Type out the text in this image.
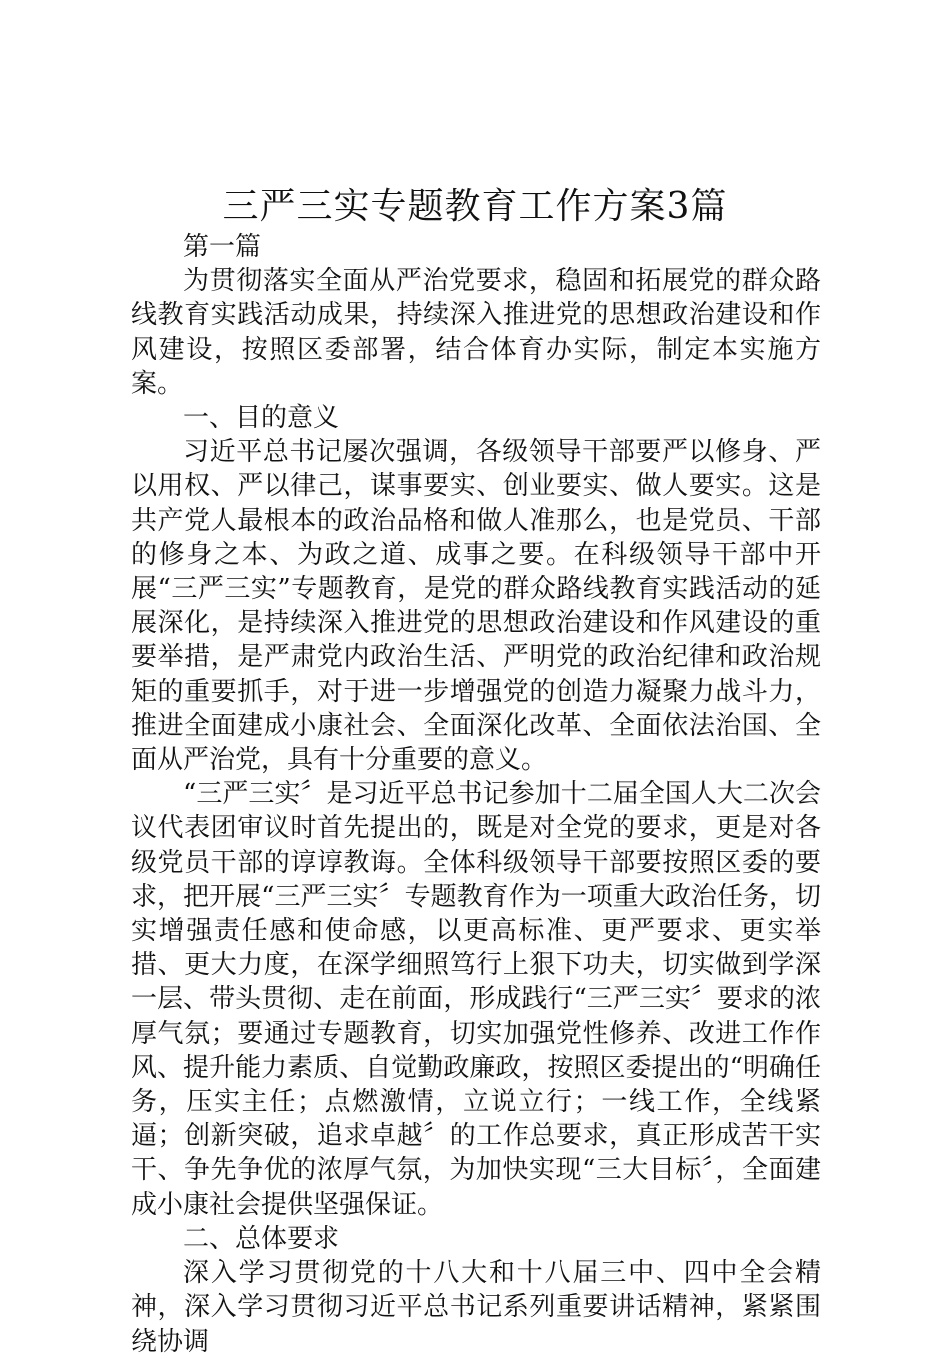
三严三实专题教育工作方案3篇

第一篇

为贯彻落实全面从严治党要求，稳固和拓展党的群众路线教育实践活动成果，持续深入推进党的思想政治建设和作风建设，按照区委部署，结合体育办实际，制定本实施方案。

一、目的意义

习近平总书记屡次强调，各级领导干部要严以修身、严以用权、严以律己，谋事要实、创业要实、做人要实。这是共产党人最根本的政治品格和做人准那么，也是党员、干部的修身之本、为政之道、成事之要。在科级领导干部中开展“三严三实”专题教育，是党的群众路线教育实践活动的延展深化，是持续深入推进党的思想政治建设和作风建设的重要举措，是严肃党内政治生活、严明党的政治纪律和政治规矩的重要抓手，对于进一步增强党的创造力凝聚力战斗力，推进全面建成小康社会、全面深化改革、全面依法治国、全面从严治党，具有十分重要的意义。

“三严三实〞是习近平总书记参加十二届全国人大二次会议代表团审议时首先提出的，既是对全党的要求，更是对各级党员干部的谆谆教诲。全体科级领导干部要按照区委的要求，把开展“三严三实〞专题教育作为一项重大政治任务，切实增强责任感和使命感，以更高标准、更严要求、更实举措、更大力度，在深学细照笃行上狠下功夫，切实做到学深一层、带头贯彻、走在前面，形成践行“三严三实〞要求的浓厚气氛；要通过专题教育，切实加强党性修养、改进工作作风、提升能力素质、自觉勤政廉政，按照区委提出的“明确任务，压实主任；点燃激情，立说立行；一线工作，全线紧逼；创新突破，追求卓越〞的工作总要求，真正形成苦干实干、争先争优的浓厚气氛，为加快实现“三大目标〞，全面建成小康社会提供坚强保证。

二、总体要求

深入学习贯彻党的十八大和十八届三中、四中全会精神，深入学习贯彻习近平总书记系列重要讲话精神，紧紧围绕协调
